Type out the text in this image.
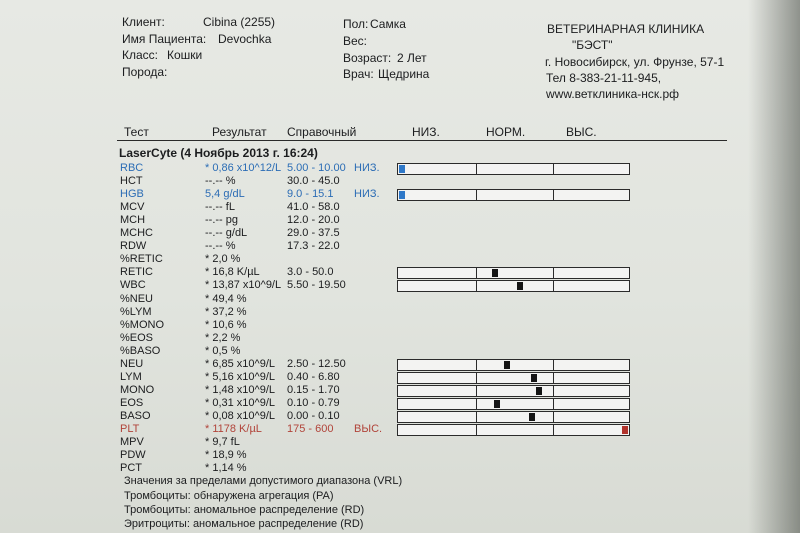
Клиент:	Cibina (2255)
Имя Пациента: Devochka
Класс: Кошки
Порода:
Пол: Самка
Вес:
Возраст: 2 Лет
Врач: Щедрина
ВЕТЕРИНАРНАЯ КЛИНИКА
"БЭСТ"
г. Новосибирск, ул. Фрунзе, 57-1
Тел 8-383-21-11-945,
www.ветклиника-нск.рф
Тест	Результат Справочный	НИЗ.	НОРМ.	ВЫС.
LaserCyte (4 Ноябрь 2013 г. 16:24)
RBC	* 0,86 x10^12/L 5.00 - 10.00 НИЗ.
HCT	--.-- %	30.0 - 45.0
HGB	5,4 g/dL	9.0 - 15.1 НИЗ.
MCV	--.-- fL	41.0 - 58.0
MCH	--.-- pg	12.0 - 20.0
MCHC	--.-- g/dL	29.0 - 37.5
RDW	--.-- %	17.3 - 22.0
%RETIC	* 2,0 %
RETIC	* 16,8 K/µL 3.0 - 50.0
WBC	* 13,87 x10^9/L 5.50 - 19.50
%NEU	* 49,4 %
%LYM	* 37,2 %
%MONO	* 10,6 %
%EOS	* 2,2 %
%BASO	* 0,5 %
NEU	* 6,85 x10^9/L 2.50 - 12.50
LYM	* 5,16 x10^9/L 0.40 - 6.80
MONO	* 1,48 x10^9/L 0.15 - 1.70
EOS	* 0,31 x10^9/L 0.10 - 0.79
BASO	* 0,08 x10^9/L 0.00 - 0.10
PLT	* 1178 K/µL 175 - 600 ВЫС.
MPV	* 9,7 fL
PDW	* 18,9 %
PCT	* 1,14 %
Значения за пределами допустимого диапазона (VRL)
Тромбоциты: обнаружена агрегация (PA)
Тромбоциты: аномальное распределение (RD)
Эритроциты: аномальное распределение (RD)
